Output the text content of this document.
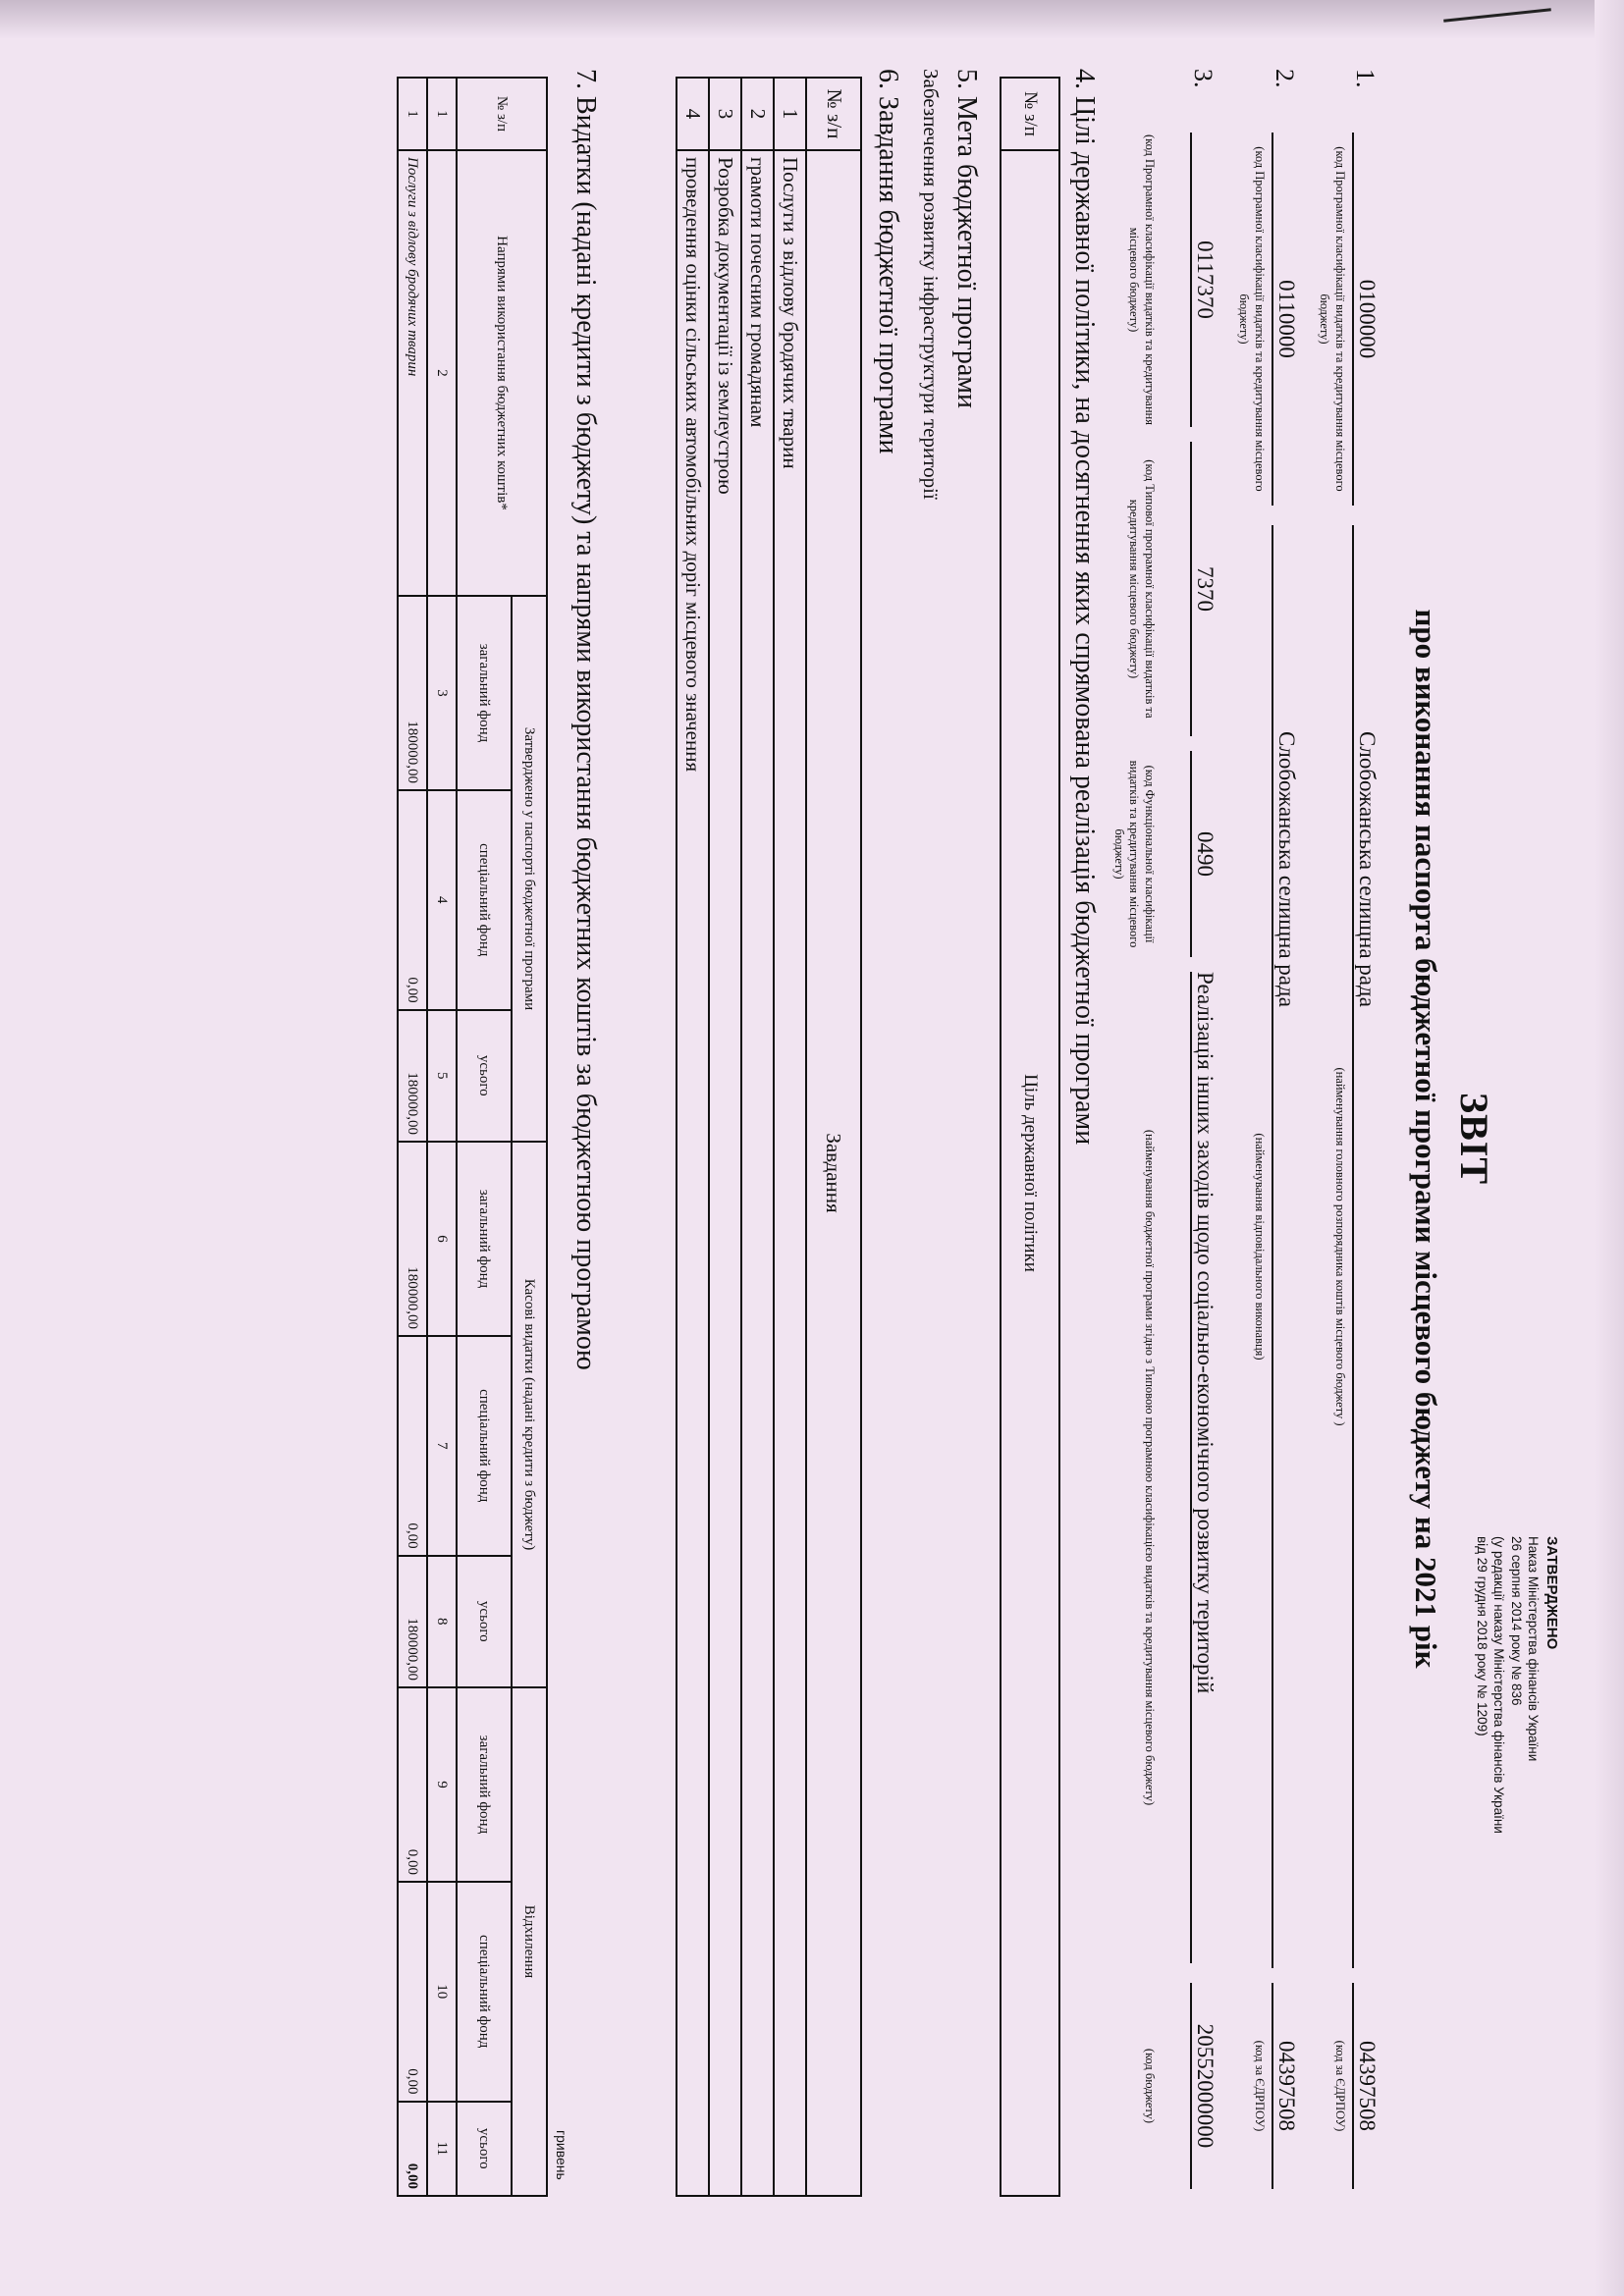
ЗАТВЕРДЖЕНО
Наказ Міністерства фінансів України
26 серпня 2014 року № 836
(у редакції наказу Міністерства фінансів України
від 29 грудня 2018 року № 1209)
ЗВІТ
про виконання паспорта бюджетної програми місцевого бюджету на 2021 рік
1.
0100000
Слобожанська селищна рада
04397508
(код Програмної класифікації видатків та кредитування місцевого бюджету)
(найменування головного розпорядника коштів місцевого бюджету )
(код за ЄДРПОУ)
2.
0110000
Слобожанська селищна рада
04397508
(код Програмної класифікації видатків та кредитування місцевого бюджету)
(найменування відповідального виконавця)
(код за ЄДРПОУ)
3.
0117370
7370
0490
Реалізація інших заходів щодо соціально-економічного розвитку територій
20552000000
(код Програмної класифікації видатків та кредитування місцевого бюджету)
(код Типової програмної класифікації видатків та кредитування місцевого бюджету)
(код Функціональної класифікації видатків та кредитування місцевого бюджету)
(найменування бюджетної програми згідно з Типовою програмною класифікацією видатків та кредитування місцевого бюджету)
(код бюджету)
4. Цілі державної політики, на досягнення яких спрямована реалізація бюджетної програми
№ з/п	Ціль державної політики
5. Мета бюджетної програми
Забезпечення розвитку інфраструктури території
6. Завдання бюджетної програми
№ з/п	Завдання
1	Послуги з відлову бродячих тварин
2	грамоти почесним громадянам
3	Розробка документації із землеустрою
4	проведення оцінки сільських автомобільних доріг місцевого значення
7. Видатки (надані кредити з бюджету) та напрями використання бюджетних коштів за бюджетною програмою
гривень
№ з/п	Напрями використання бюджетних коштів*	Затверджено у паспорті бюджетної програми			Касові видатки (надані кредити з бюджету)			Відхилення		
		загальний фонд	спеціальний фонд	усього	загальний фонд	спеціальний фонд	усього	загальний фонд	спеціальний фонд	усього
1	2	3	4	5	6	7	8	9	10	11
1	Послуги з відлову бродячих тварин	180000,00	0,00	180000,00	180000,00	0,00	180000,00	0,00	0,00	0,00
